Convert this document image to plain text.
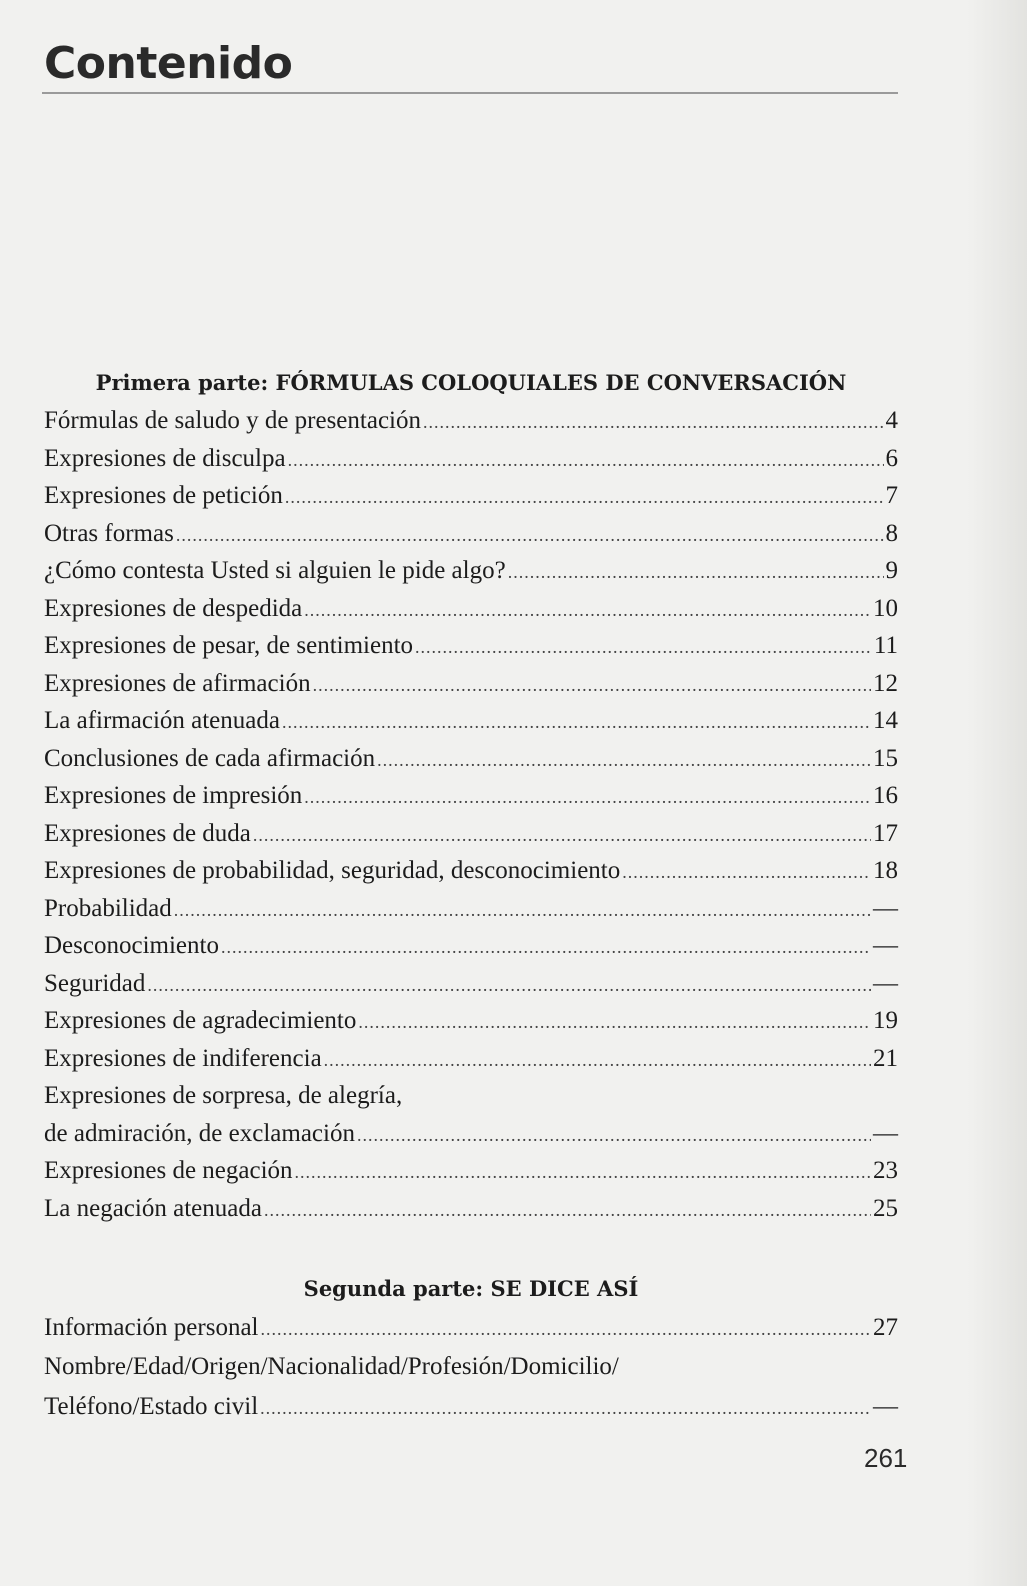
Contenido
Primera parte: FÓRMULAS COLOQUIALES DE CONVERSACIÓN
Fórmulas de saludo y de presentación .....	4
Expresiones de disculpa .....	6
Expresiones de petición .....	7
Otras formas .....	8
¿Cómo contesta Usted si alguien le pide algo? .....	9
Expresiones de despedida .....	10
Expresiones de pesar, de sentimiento .....	11
Expresiones de afirmación .....	12
La afirmación atenuada .....	14
Conclusiones de cada afirmación .....	15
Expresiones de impresión .....	16
Expresiones de duda .....	17
Expresiones de probabilidad, seguridad, desconocimiento .....	18
Probabilidad .....	—
Desconocimiento .....	—
Seguridad .....	—
Expresiones de agradecimiento .....	19
Expresiones de indiferencia .....	21
Expresiones de sorpresa, de alegría,
de admiración, de exclamación .....	—
Expresiones de negación .....	23
La negación atenuada .....	25
Segunda parte: SE DICE ASÍ
Información personal .....	27
Nombre/Edad/Origen/Nacionalidad/Profesión/Domicilio/
Teléfono/Estado civil .....	—
261
